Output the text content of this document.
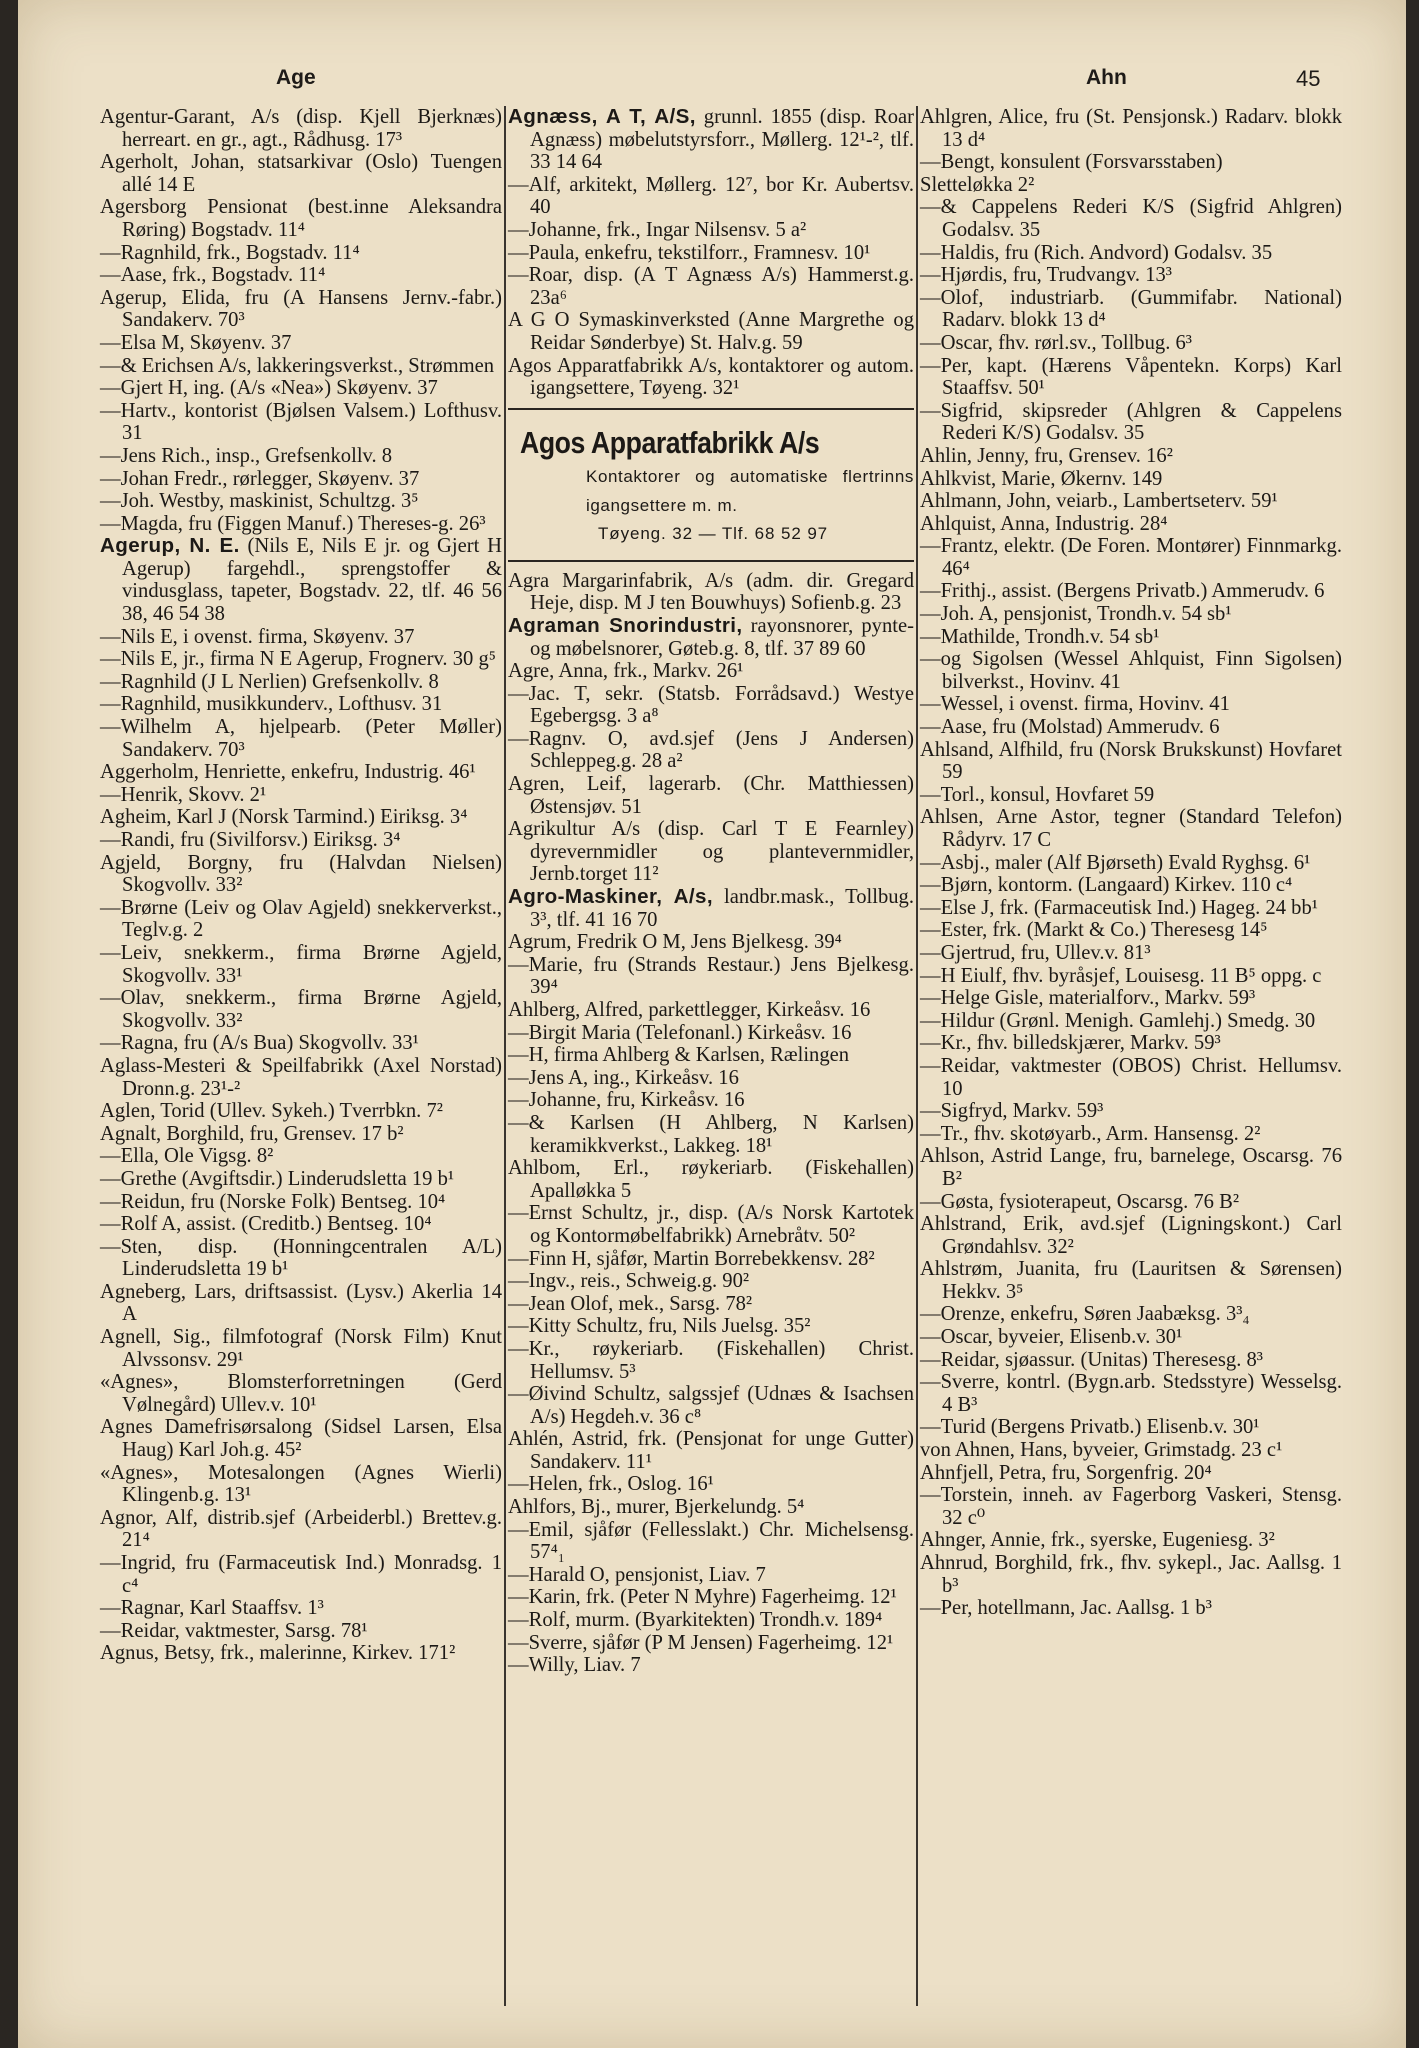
Age	Ahn	45

Agentur-Garant, A/s (disp. Kjell Bjerknæs) herreart. en gr., agt., Rådhusg. 17³

Agerholt, Johan, statsarkivar (Oslo) Tuengen allé 14 E

Agersborg Pensionat (best.inne Aleksandra Røring) Bogstadv. 11⁴

—Ragnhild, frk., Bogstadv. 11⁴

—Aase, frk., Bogstadv. 11⁴

Agerup, Elida, fru (A Hansens Jernv.-fabr.) Sandakerv. 70³

—Elsa M, Skøyenv. 37

—& Erichsen A/s, lakkeringsverkst., Strømmen

—Gjert H, ing. (A/s «Nea») Skøyenv. 37

—Hartv., kontorist (Bjølsen Valsem.) Lofthusv. 31

—Jens Rich., insp., Grefsenkollv. 8

—Johan Fredr., rørlegger, Skøyenv. 37

—Joh. Westby, maskinist, Schultzg. 3⁵

—Magda, fru (Figgen Manuf.) Thereses-g. 26³

Agerup, N. E. (Nils E, Nils E jr. og Gjert H Agerup) fargehdl., sprengstoffer & vindusglass, tapeter, Bogstadv. 22, tlf. 46 56 38, 46 54 38

—Nils E, i ovenst. firma, Skøyenv. 37

—Nils E, jr., firma N E Agerup, Frognerv. 30 g⁵

—Ragnhild (J L Nerlien) Grefsenkollv. 8

—Ragnhild, musikkunderv., Lofthusv. 31

—Wilhelm A, hjelpearb. (Peter Møller) Sandakerv. 70³

Aggerholm, Henriette, enkefru, Industrig. 46¹

—Henrik, Skovv. 2¹

Agheim, Karl J (Norsk Tarmind.) Eiriksg. 3⁴

—Randi, fru (Sivilforsv.) Eiriksg. 3⁴

Agjeld, Borgny, fru (Halvdan Nielsen) Skogvollv. 33²

—Brørne (Leiv og Olav Agjeld) snekkerverkst., Teglv.g. 2

—Leiv, snekkerm., firma Brørne Agjeld, Skogvollv. 33¹

—Olav, snekkerm., firma Brørne Agjeld, Skogvollv. 33²

—Ragna, fru (A/s Bua) Skogvollv. 33¹

Aglass-Mesteri & Speilfabrikk (Axel Norstad) Dronn.g. 23¹-²

Aglen, Torid (Ullev. Sykeh.) Tverrbkn. 7²

Agnalt, Borghild, fru, Grensev. 17 b²

—Ella, Ole Vigsg. 8²

—Grethe (Avgiftsdir.) Linderudsletta 19 b¹

—Reidun, fru (Norske Folk) Bentseg. 10⁴

—Rolf A, assist. (Creditb.) Bentseg. 10⁴

—Sten, disp. (Honningcentralen A/L) Linderudsletta 19 b¹

Agneberg, Lars, driftsassist. (Lysv.) Akerlia 14 A

Agnell, Sig., filmfotograf (Norsk Film) Knut Alvssonsv. 29¹

«Agnes», Blomsterforretningen (Gerd Vølnegård) Ullev.v. 10¹

Agnes Damefrisørsalong (Sidsel Larsen, Elsa Haug) Karl Joh.g. 45²

«Agnes», Motesalongen (Agnes Wierli) Klingenb.g. 13¹

Agnor, Alf, distrib.sjef (Arbeiderbl.) Brettev.g. 21⁴

—Ingrid, fru (Farmaceutisk Ind.) Monradsg. 1 c⁴

—Ragnar, Karl Staaffsv. 1³

—Reidar, vaktmester, Sarsg. 78¹

Agnus, Betsy, frk., malerinne, Kirkev. 171²

Agnæss, A T, A/S, grunnl. 1855 (disp. Roar Agnæss) møbelutstyrsforr., Møllerg. 12¹-², tlf. 33 14 64

—Alf, arkitekt, Møllerg. 12⁷, bor Kr. Aubertsv. 40

—Johanne, frk., Ingar Nilsensv. 5 a²

—Paula, enkefru, tekstilforr., Framnesv. 10¹

—Roar, disp. (A T Agnæss A/s) Hammerst.g. 23a⁶

A G O Symaskinverksted (Anne Margrethe og Reidar Sønderbye) St. Halv.g. 59

Agos Apparatfabrikk A/s, kontaktorer og autom. igangsettere, Tøyeng. 32¹

Agos Apparatfabrikk A/s
Kontaktorer og automatiske flertrinns igangsettere m. m.
Tøyeng. 32 — Tlf. 68 52 97

Agra Margarinfabrik, A/s (adm. dir. Gregard Heje, disp. M J ten Bouwhuys) Sofienb.g. 23

Agraman Snorindustri, rayonsnorer, pynte- og møbelsnorer, Gøteb.g. 8, tlf. 37 89 60

Agre, Anna, frk., Markv. 26¹

—Jac. T, sekr. (Statsb. Forrådsavd.) Westye Egebergsg. 3 a⁸

—Ragnv. O, avd.sjef (Jens J Andersen) Schleppeg.g. 28 a²

Agren, Leif, lagerarb. (Chr. Matthiessen) Østensjøv. 51

Agrikultur A/s (disp. Carl T E Fearnley) dyrevernmidler og plantevernmidler, Jernb.torget 11²

Agro-Maskiner, A/s, landbr.mask., Tollbug. 3³, tlf. 41 16 70

Agrum, Fredrik O M, Jens Bjelkesg. 39⁴

—Marie, fru (Strands Restaur.) Jens Bjelkesg. 39⁴

Ahlberg, Alfred, parkettlegger, Kirkeåsv. 16

—Birgit Maria (Telefonanl.) Kirkeåsv. 16

—H, firma Ahlberg & Karlsen, Rælingen

—Jens A, ing., Kirkeåsv. 16

—Johanne, fru, Kirkeåsv. 16

—& Karlsen (H Ahlberg, N Karlsen) keramikkverkst., Lakkeg. 18¹

Ahlbom, Erl., røykeriarb. (Fiskehallen) Apalløkka 5

—Ernst Schultz, jr., disp. (A/s Norsk Kartotek og Kontormøbelfabrikk) Arnebråtv. 50²

—Finn H, sjåfør, Martin Borrebekkensv. 28²

—Ingv., reis., Schweig.g. 90²

—Jean Olof, mek., Sarsg. 78²

—Kitty Schultz, fru, Nils Juelsg. 35²

—Kr., røykeriarb. (Fiskehallen) Christ. Hellumsv. 5³

—Øivind Schultz, salgssjef (Udnæs & Isachsen A/s) Hegdeh.v. 36 c⁸

Ahlén, Astrid, frk. (Pensjonat for unge Gutter) Sandakerv. 11¹

—Helen, frk., Oslog. 16¹

Ahlfors, Bj., murer, Bjerkelundg. 5⁴

—Emil, sjåfør (Fellesslakt.) Chr. Michelsensg. 57⁴₁

—Harald O, pensjonist, Liav. 7

—Karin, frk. (Peter N Myhre) Fagerheimg. 12¹

—Rolf, murm. (Byarkitekten) Trondh.v. 189⁴

—Sverre, sjåfør (P M Jensen) Fagerheimg. 12¹

—Willy, Liav. 7

Ahlgren, Alice, fru (St. Pensjonsk.) Radarv. blokk 13 d⁴

—Bengt, konsulent (Forsvarsstaben)

Sletteløkka 2²

—& Cappelens Rederi K/S (Sigfrid Ahlgren) Godalsv. 35

—Haldis, fru (Rich. Andvord) Godalsv. 35

—Hjørdis, fru, Trudvangv. 13³

—Olof, industriarb. (Gummifabr. National) Radarv. blokk 13 d⁴

—Oscar, fhv. rørl.sv., Tollbug. 6³

—Per, kapt. (Hærens Våpentekn. Korps) Karl Staaffsv. 50¹

—Sigfrid, skipsreder (Ahlgren & Cappelens Rederi K/S) Godalsv. 35

Ahlin, Jenny, fru, Grensev. 16²

Ahlkvist, Marie, Økernv. 149

Ahlmann, John, veiarb., Lambertseterv. 59¹

Ahlquist, Anna, Industrig. 28⁴

—Frantz, elektr. (De Foren. Montører) Finnmarkg. 46⁴

—Frithj., assist. (Bergens Privatb.) Ammerudv. 6

—Joh. A, pensjonist, Trondh.v. 54 sb¹

—Mathilde, Trondh.v. 54 sb¹

—og Sigolsen (Wessel Ahlquist, Finn Sigolsen) bilverkst., Hovinv. 41

—Wessel, i ovenst. firma, Hovinv. 41

—Aase, fru (Molstad) Ammerudv. 6

Ahlsand, Alfhild, fru (Norsk Brukskunst) Hovfaret 59

—Torl., konsul, Hovfaret 59

Ahlsen, Arne Astor, tegner (Standard Telefon) Rådyrv. 17 C

—Asbj., maler (Alf Bjørseth) Evald Ryghsg. 6¹

—Bjørn, kontorm. (Langaard) Kirkev. 110 c⁴

—Else J, frk. (Farmaceutisk Ind.) Hageg. 24 bb¹

—Ester, frk. (Markt & Co.) Theresesg 14⁵

—Gjertrud, fru, Ullev.v. 81³

—H Eiulf, fhv. byråsjef, Louisesg. 11 B⁵ oppg. c

—Helge Gisle, materialforv., Markv. 59³

—Hildur (Grønl. Menigh. Gamlehj.) Smedg. 30

—Kr., fhv. billedskjærer, Markv. 59³

—Reidar, vaktmester (OBOS) Christ. Hellumsv. 10

—Sigfryd, Markv. 59³

—Tr., fhv. skotøyarb., Arm. Hansensg. 2²

Ahlson, Astrid Lange, fru, barnelege, Oscarsg. 76 B²

—Gøsta, fysioterapeut, Oscarsg. 76 B²

Ahlstrand, Erik, avd.sjef (Ligningskont.) Carl Grøndahlsv. 32²

Ahlstrøm, Juanita, fru (Lauritsen & Sørensen) Hekkv. 3⁵

—Orenze, enkefru, Søren Jaabæksg. 3³₄

—Oscar, byveier, Elisenb.v. 30¹

—Reidar, sjøassur. (Unitas) Theresesg. 8³

—Sverre, kontrl. (Bygn.arb. Stedsstyre) Wesselsg. 4 B³

—Turid (Bergens Privatb.) Elisenb.v. 30¹

von Ahnen, Hans, byveier, Grimstadg. 23 c¹

Ahnfjell, Petra, fru, Sorgenfrig. 20⁴

—Torstein, inneh. av Fagerborg Vaskeri, Stensg. 32 c⁰

Ahnger, Annie, frk., syerske, Eugeniesg. 3²

Ahnrud, Borghild, frk., fhv. sykepl., Jac. Aallsg. 1 b³

—Per, hotellmann, Jac. Aallsg. 1 b³
